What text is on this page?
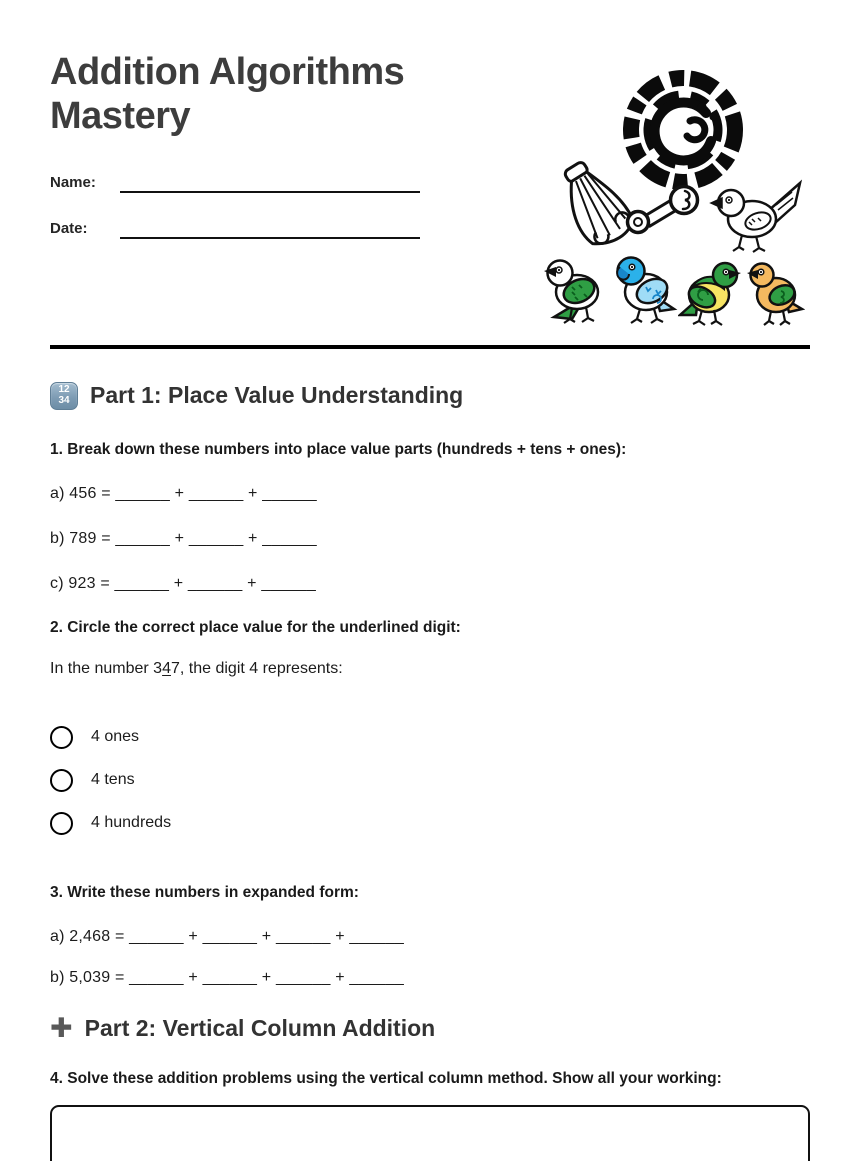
Addition Algorithms Mastery
Name:
Date:
12
34 Part 1: Place Value Understanding

1. Break down these numbers into place value parts (hundreds + tens + ones):

a) 456 = ______ + ______ + ______

b) 789 = ______ + ______ + ______

c) 923 = ______ + ______ + ______

2. Circle the correct place value for the underlined digit:

In the number 347, the digit 4 represents:

4 ones
4 tens
4 hundreds

3. Write these numbers in expanded form:

a) 2,468 = ______ + ______ + ______ + ______

b) 5,039 = ______ + ______ + ______ + ______

✚ Part 2: Vertical Column Addition

4. Solve these addition problems using the vertical column method. Show all your working:
